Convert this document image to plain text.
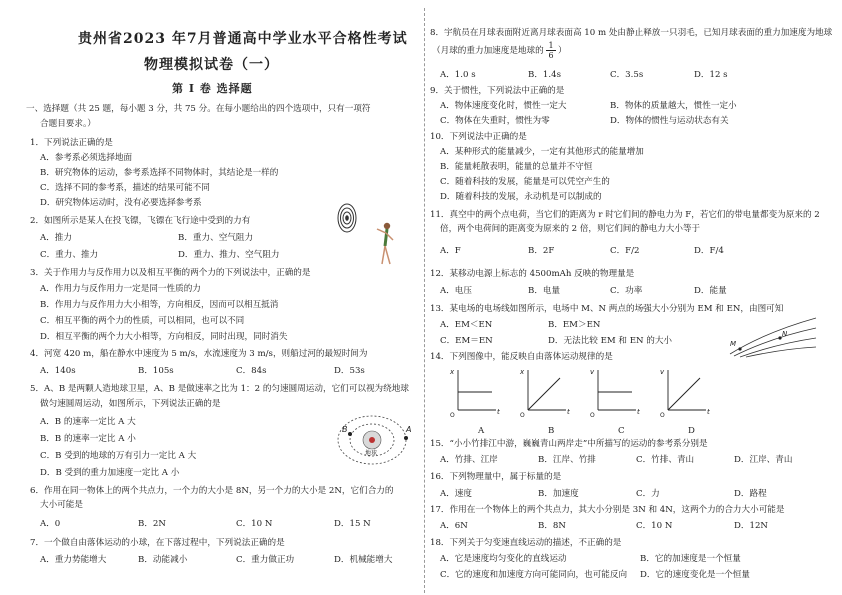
贵州省2023 年7月普通高中学业水平合格性考试
物理模拟试卷（一）
第 I 卷 选择题
一、选择题（共 25 题，每小题 3 分，共 75 分。在每小题给出的四个选项中，只有一项符
合题目要求。）
1．下列说法正确的是
A．参考系必须选择地面
B．研究物体的运动，参考系选择不同物体时，其结论是一样的
C．选择不同的参考系，描述的结果可能不同
D．研究物体运动时，没有必要选择参考系
2．如图所示是某人在投飞镖，飞镖在飞行途中受到的力有
A．推力	B．重力、空气阻力
C．重力、推力	D．重力、推力、空气阻力
3．关于作用力与反作用力以及相互平衡的两个力的下列说法中，正确的是
A．作用力与反作用力一定是同一性质的力
B．作用力与反作用力大小相等，方向相反，因而可以相互抵消
C．相互平衡的两个力的性质，可以相同，也可以不同
D．相互平衡的两个力大小相等，方向相反，同时出现，同时消失
4．河宽 420 m，船在静水中速度为 5 m/s，水流速度为 3 m/s，则船过河的最短时间为
A．140s	B．105s	C．84s	D．53s
5．A、B 是两颗人造地球卫星，A、B 是做速率之比为 1：2 的匀速圆周运动，它们可以视为绕地球
做匀速圆周运动，如图所示，下列说法正确的是
A．B 的速率一定比 A 大
B．B 的速率一定比 A 小
C．B 受到的地球的万有引力一定比 A 大
D．B 受到的重力加速度一定比 A 小
地球
B	A
6．作用在同一物体上的两个共点力，一个力的大小是 8N，另一个力的大小是 2N，它们合力的
大小可能是
A．0	B．2N	C．10 N	D．15 N
7．一个做自由落体运动的小球，在下落过程中，下列说法正确的是
A．重力势能增大	B．动能减小	C．重力做正功	D．机械能增大
8．宇航员在月球表面附近离月球表面高 10 m 处由静止释放一只羽毛，已知月球表面的重力加速度为地球
（月球的重力加速度是地球的 $\frac{1}{6}$ ）
A．1.0 s	B．1.4s	C．3.5s	D．12 s
9．关于惯性，下列说法中正确的是
A．物体速度变化时，惯性一定大	B．物体的质量越大，惯性一定小
C．物体在失重时，惯性为零	D．物体的惯性与运动状态有关
10．下列说法中正确的是
A．某种形式的能量减少，一定有其他形式的能量增加
B．能量耗散表明，能量的总量并不守恒
C．随着科技的发展，能量是可以凭空产生的
D．随着科技的发展，永动机是可以制成的
11．真空中的两个点电荷，当它们的距离为 r 时它们间的静电力为 F，若它们的带电量都变为原来的 2
倍，两个电荷间的距离变为原来的 2 倍，则它们间的静电力大小等于
A．F	B．2F	C．F/2	D．F/4
12．某移动电源上标志的 4500mAh 反映的物理量是
A．电压	B．电量	C．功率	D．能量
13．某电场的电场线如图所示，电场中 M、N 两点的场强大小分别为 EM 和 EN，由图可知
A．EM＜EN	B．EM＞EN
C．EM＝EN	D．无法比较 EM 和 EN 的大小	M
N
14．下列图像中，能反映自由落体运动规律的是
x
t
O
x
t
O
v
t
O
v
t
O
A	B	C	D
15．“小小竹排江中游，巍巍青山两岸走”中所描写的运动的参考系分别是
A．竹排、江岸	B．江岸、竹排	C．竹排、青山	D．江岸、青山
16．下列物理量中，属于标量的是
A．速度	B．加速度	C．力	D．路程
17．作用在一个物体上的两个共点力，其大小分别是 3N 和 4N，这两个力的合力大小可能是
A．6N	B．8N	C．10 N	D．12N
18．下列关于匀变速直线运动的描述，不正确的是
A．它是速度均匀变化的直线运动	B．它的加速度是一个恒量
C．它的速度和加速度方向可能同向，也可能反向 D．它的速度变化是一个恒量
